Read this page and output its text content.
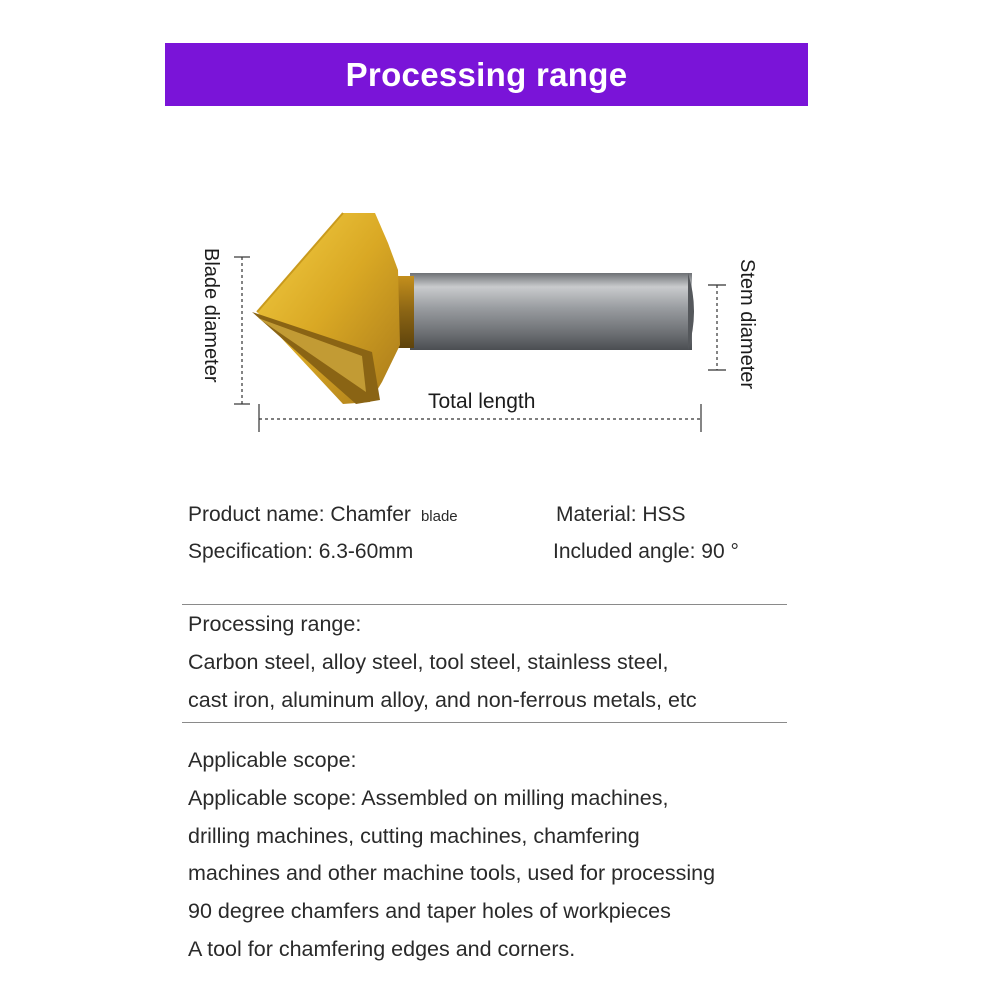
Processing range
Blade diameter	Stem diameter
Total length
Product name: Chamfer blade	Material: HSS
Specification: 6.3-60mm	Included angle: 90 °
Processing range:
Carbon steel, alloy steel, tool steel, stainless steel,
cast iron, aluminum alloy, and non-ferrous metals, etc
Applicable scope:
Applicable scope: Assembled on milling machines,
drilling machines, cutting machines, chamfering
machines and other machine tools, used for processing
90 degree chamfers and taper holes of workpieces
A tool for chamfering edges and corners.
